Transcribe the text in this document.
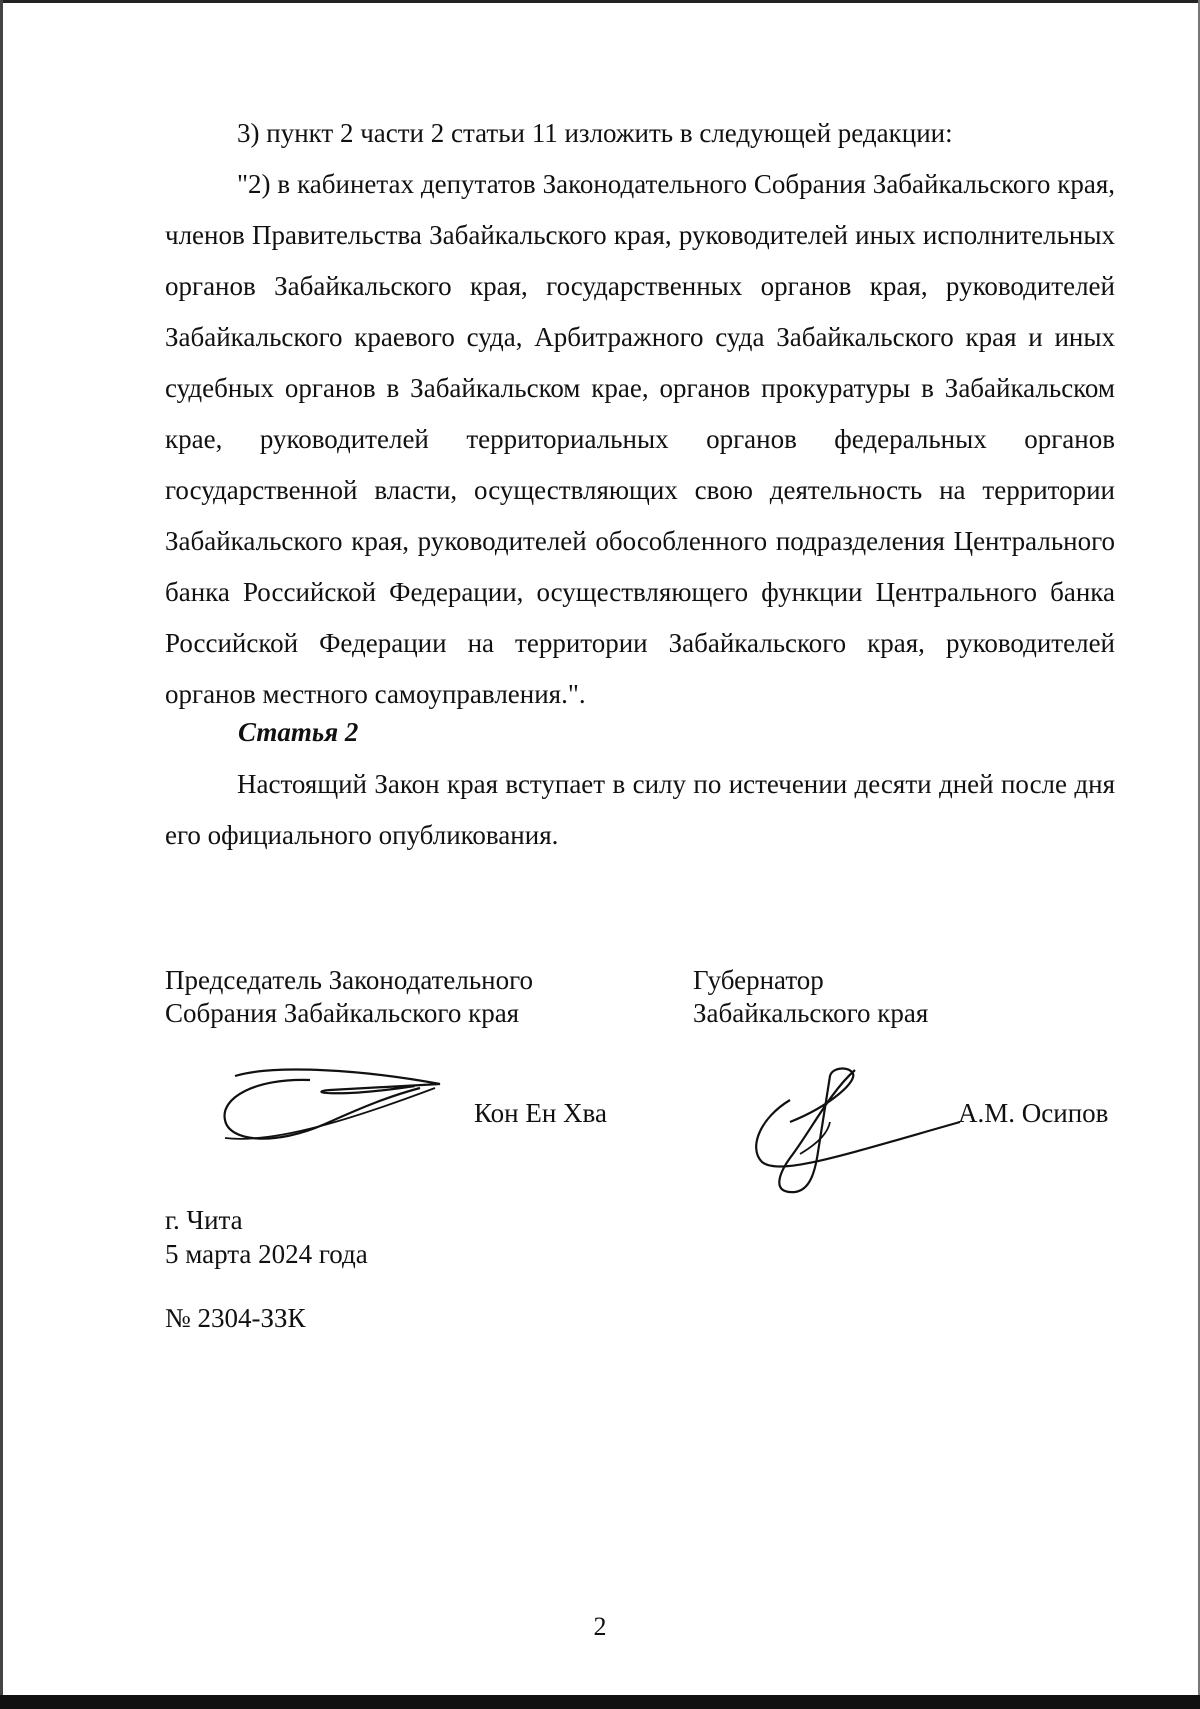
3) пункт 2 части 2 статьи 11 изложить в следующей редакции:

"2) в кабинетах депутатов Законодательного Собрания Забайкальского края, членов Правительства Забайкальского края, руководителей иных исполнительных органов Забайкальского края, государственных органов края, руководителей Забайкальского краевого суда, Арбитражного суда Забайкальского края и иных судебных органов в Забайкальском крае, органов прокуратуры в Забайкальском крае, руководителей территориальных органов федеральных органов государственной власти, осуществляющих свою деятельность на территории Забайкальского края, руководителей обособленного подразделения Центрального банка Российской Федерации, осуществляющего функции Центрального банка Российской Федерации на территории Забайкальского края, руководителей органов местного самоуправления.".

Статья 2

Настоящий Закон края вступает в силу по истечении десяти дней после дня его официального опубликования.

Председатель Законодательного
Собрания Забайкальского края
Кон Ен Хва
Губернатор
Забайкальского края
А.М. Осипов
г. Чита
5 марта 2024 года
№ 2304-ЗЗК
2
